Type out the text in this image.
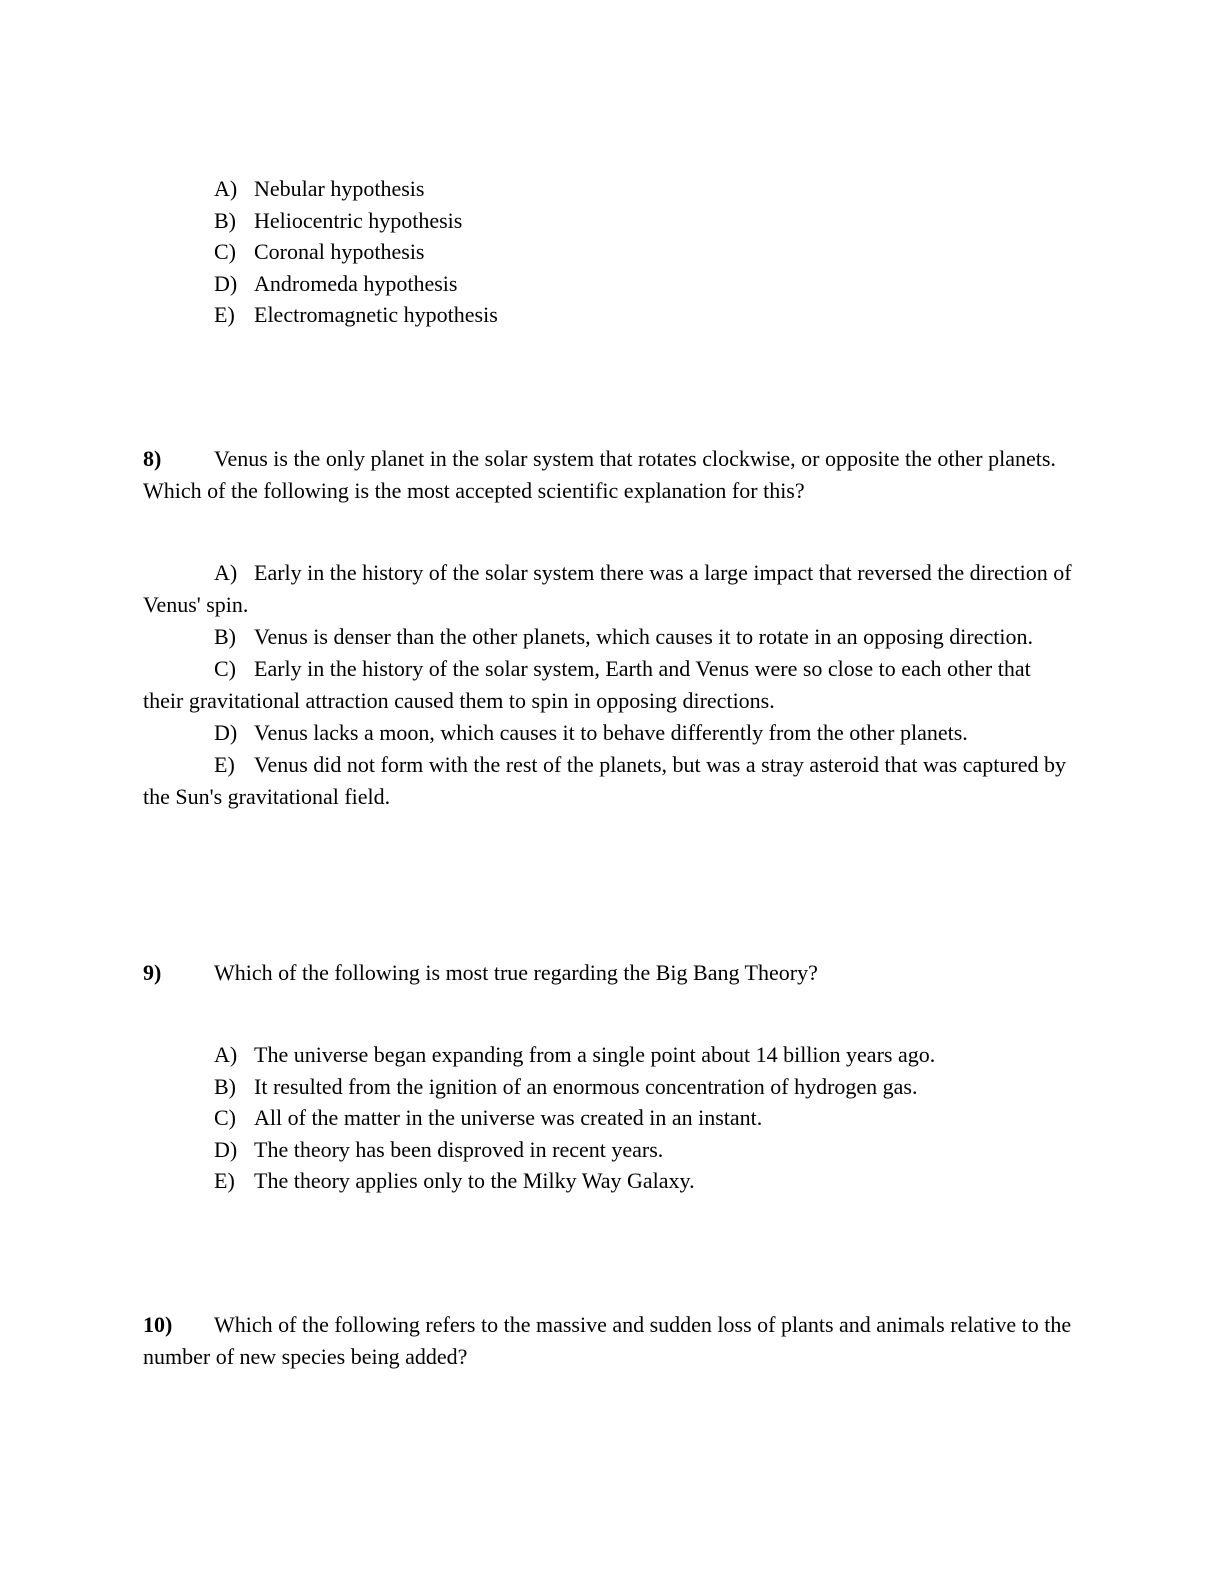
A) Nebular hypothesis
B) Heliocentric hypothesis
C) Coronal hypothesis
D) Andromeda hypothesis
E) Electromagnetic hypothesis
8) Venus is the only planet in the solar system that rotates clockwise, or opposite the other planets. Which of the following is the most accepted scientific explanation for this?
A) Early in the history of the solar system there was a large impact that reversed the direction of Venus' spin.
B) Venus is denser than the other planets, which causes it to rotate in an opposing direction.
C) Early in the history of the solar system, Earth and Venus were so close to each other that their gravitational attraction caused them to spin in opposing directions.
D) Venus lacks a moon, which causes it to behave differently from the other planets.
E) Venus did not form with the rest of the planets, but was a stray asteroid that was captured by the Sun's gravitational field.
9) Which of the following is most true regarding the Big Bang Theory?
A) The universe began expanding from a single point about 14 billion years ago.
B) It resulted from the ignition of an enormous concentration of hydrogen gas.
C) All of the matter in the universe was created in an instant.
D) The theory has been disproved in recent years.
E) The theory applies only to the Milky Way Galaxy.
10) Which of the following refers to the massive and sudden loss of plants and animals relative to the number of new species being added?
